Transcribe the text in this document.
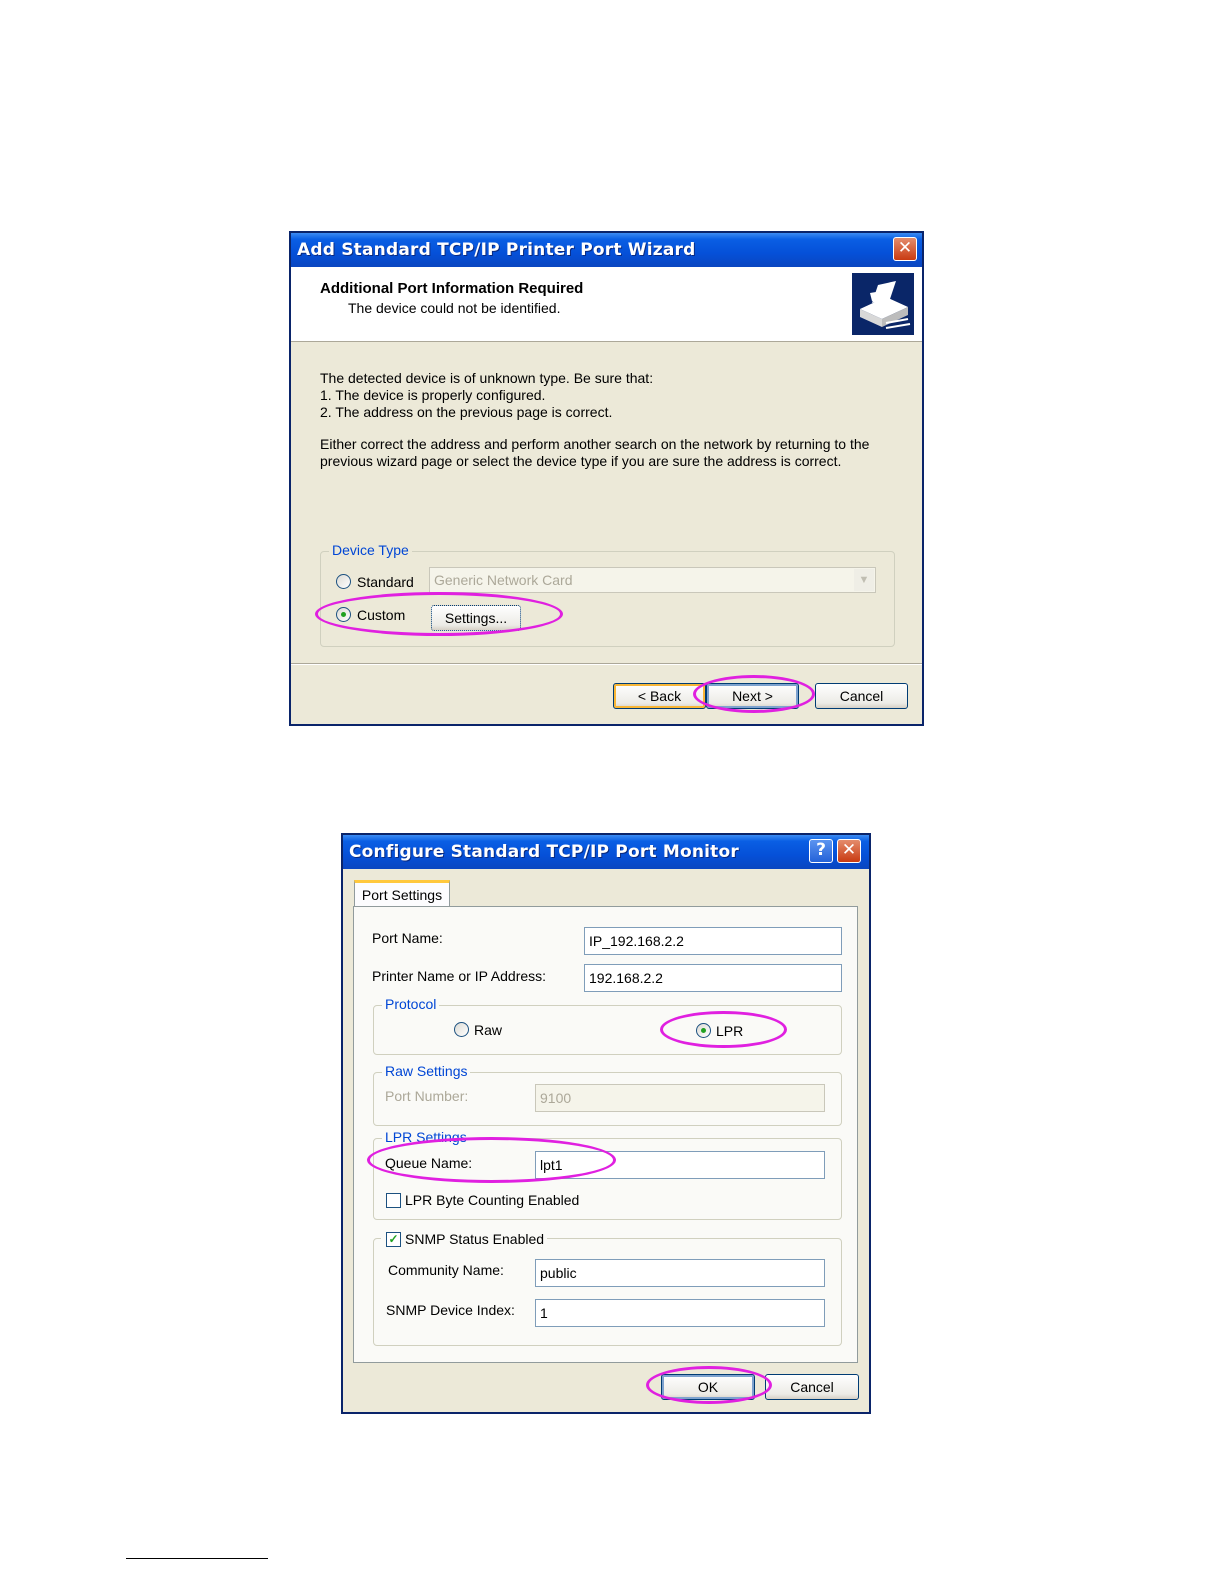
Add Standard TCP/IP Printer Port Wizard	✕
Additional Port Information Required
The device could not be identified.
The detected device is of unknown type. Be sure that:
1. The device is properly configured.
2. The address on the previous page is correct.
Either correct the address and perform another search on the network by returning to the
previous wizard page or select the device type if you are sure the address is correct.
Device Type
Standard	Generic Network Card	▼
Custom	Settings...
< Back	Next >	Cancel
Configure Standard TCP/IP Port Monitor	? ✕
Port Settings
Port Name:	IP_192.168.2.2
Printer Name or IP Address:	192.168.2.2
Protocol
Raw	LPR
Raw Settings
Port Number:	9100
LPR Settings
Queue Name:	lpt1
LPR Byte Counting Enabled
✓ SNMP Status Enabled
Community Name:	public
SNMP Device Index:	1
OK	Cancel
